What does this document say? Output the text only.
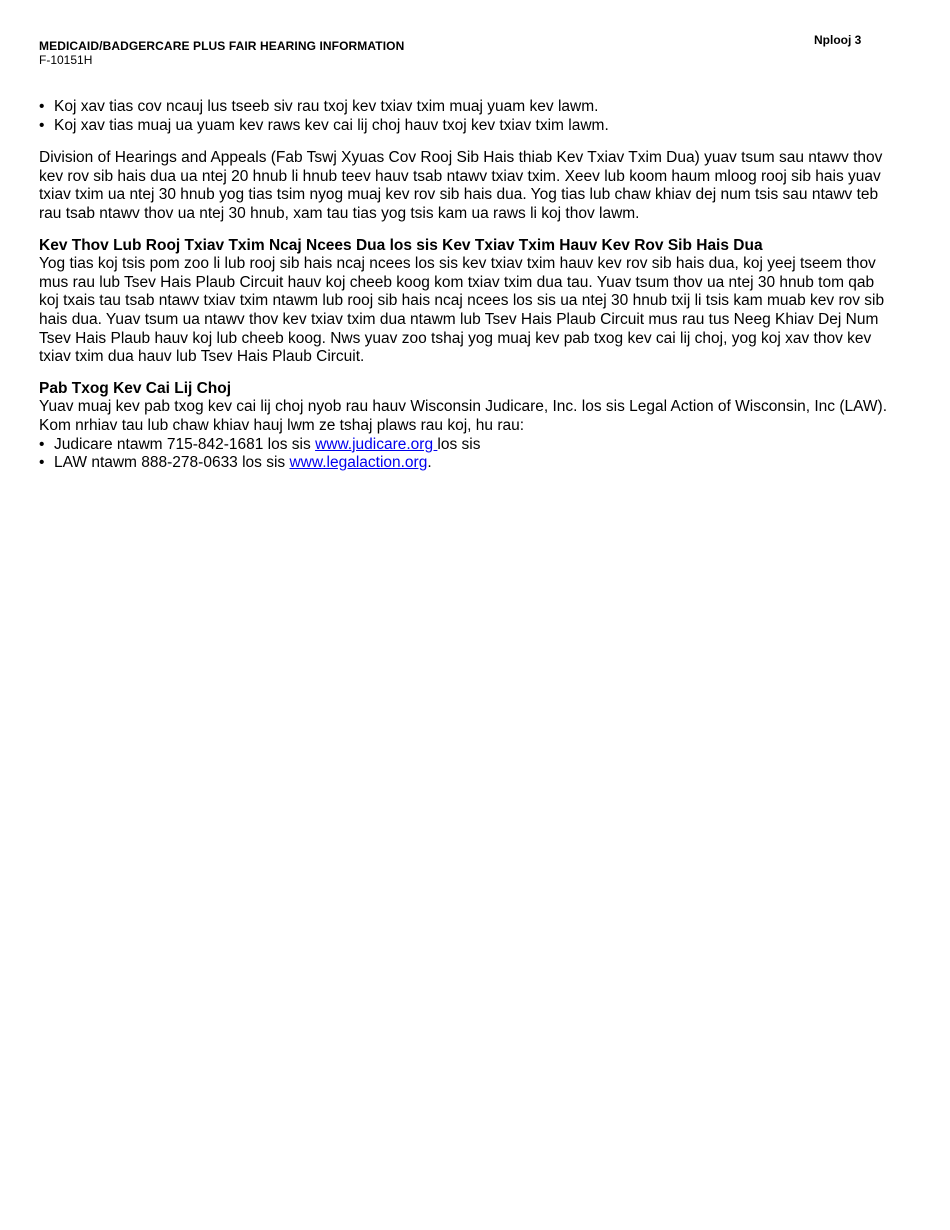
MEDICAID/BADGERCARE PLUS FAIR HEARING INFORMATION
F-10151H
Nplooj 3
• Koj xav tias cov ncauj lus tseeb siv rau txoj kev txiav txim muaj yuam kev lawm.
• Koj xav tias muaj ua yuam kev raws kev cai lij choj hauv txoj kev txiav txim lawm.

Division of Hearings and Appeals (Fab Tswj Xyuas Cov Rooj Sib Hais thiab Kev Txiav Txim Dua) yuav tsum sau ntawv thov kev rov sib hais dua ua ntej 20 hnub li hnub teev hauv tsab ntawv txiav txim. Xeev lub koom haum mloog rooj sib hais yuav txiav txim ua ntej 30 hnub yog tias tsim nyog muaj kev rov sib hais dua. Yog tias lub chaw khiav dej num tsis sau ntawv teb rau tsab ntawv thov ua ntej 30 hnub, xam tau tias yog tsis kam ua raws li koj thov lawm.

Kev Thov Lub Rooj Txiav Txim Ncaj Ncees Dua los sis Kev Txiav Txim Hauv Kev Rov Sib Hais Dua

Yog tias koj tsis pom zoo li lub rooj sib hais ncaj ncees los sis kev txiav txim hauv kev rov sib hais dua, koj yeej tseem thov mus rau lub Tsev Hais Plaub Circuit hauv koj cheeb koog kom txiav txim dua tau. Yuav tsum thov ua ntej 30 hnub tom qab koj txais tau tsab ntawv txiav txim ntawm lub rooj sib hais ncaj ncees los sis ua ntej 30 hnub txij li tsis kam muab kev rov sib hais dua. Yuav tsum ua ntawv thov kev txiav txim dua ntawm lub Tsev Hais Plaub Circuit mus rau tus Neeg Khiav Dej Num Tsev Hais Plaub hauv koj lub cheeb koog. Nws yuav zoo tshaj yog muaj kev pab txog kev cai lij choj, yog koj xav thov kev txiav txim dua hauv lub Tsev Hais Plaub Circuit.

Pab Txog Kev Cai Lij Choj

Yuav muaj kev pab txog kev cai lij choj nyob rau hauv Wisconsin Judicare, Inc. los sis Legal Action of Wisconsin, Inc (LAW). Kom nrhiav tau lub chaw khiav hauj lwm ze tshaj plaws rau koj, hu rau:

• Judicare ntawm 715-842-1681 los sis www.judicare.org los sis
• LAW ntawm 888-278-0633 los sis www.legalaction.org.
